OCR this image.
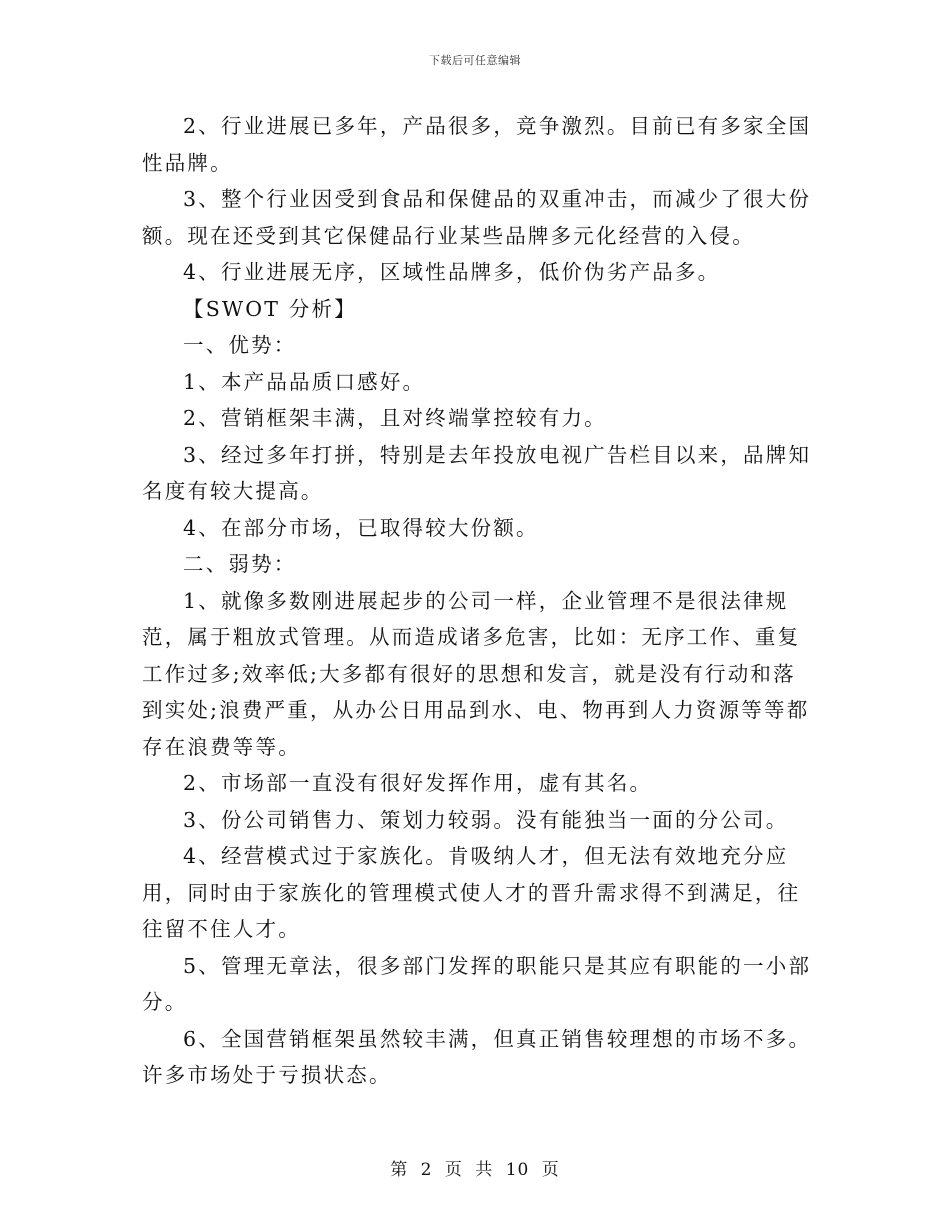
下载后可任意编辑

2、行业进展已多年，产品很多，竞争激烈。目前已有多家全国性品牌。

3、整个行业因受到食品和保健品的双重冲击，而减少了很大份额。现在还受到其它保健品行业某些品牌多元化经营的入侵。

4、行业进展无序，区域性品牌多，低价伪劣产品多。

【SWOT 分析】

一、优势：

1、本产品品质口感好。

2、营销框架丰满，且对终端掌控较有力。

3、经过多年打拼，特别是去年投放电视广告栏目以来，品牌知名度有较大提高。

4、在部分市场，已取得较大份额。

二、弱势：

1、就像多数刚进展起步的公司一样，企业管理不是很法律规范，属于粗放式管理。从而造成诸多危害，比如：无序工作、重复工作过多;效率低;大多都有很好的思想和发言，就是没有行动和落到实处;浪费严重，从办公日用品到水、电、物再到人力资源等等都存在浪费等等。

2、市场部一直没有很好发挥作用，虚有其名。

3、份公司销售力、策划力较弱。没有能独当一面的分公司。

4、经营模式过于家族化。肯吸纳人才，但无法有效地充分应用，同时由于家族化的管理模式使人才的晋升需求得不到满足，往往留不住人才。

5、管理无章法，很多部门发挥的职能只是其应有职能的一小部分。

6、全国营销框架虽然较丰满，但真正销售较理想的市场不多。许多市场处于亏损状态。

第 2 页 共 10 页
